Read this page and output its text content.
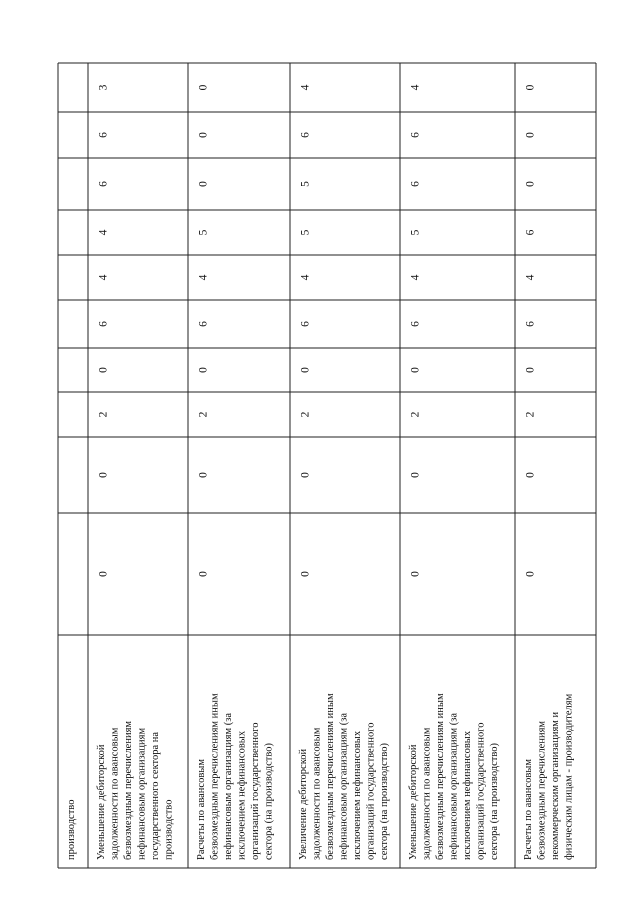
производство Уменьшение дебиторской задолженности по авансовым безвозмездным перечислениям нефинансовым организациям государственного сектора на производство
0
0
2
0
6
4
4
6
6
3
Расчеты по авансовым безвозмездным перечислениям иным нефинансовым организациям (за исключением нефинансовых организаций государственного сектора (на производство)
0
0
2
0
6
4
5
0
0
0
Увеличение дебиторской задолженности по авансовым безвозмездным перечислениям иным нефинансовым организациям (за исключением нефинансовых организаций государственного сектора (на производство)
0
0
2
0
6
4
5
5
6
4
Уменьшение дебиторской задолженности по авансовым безвозмездным перечислениям иным нефинансовым организациям (за исключением нефинансовых организаций государственного сектора (на производство)
0
0
2
0
6
4
5
6
6
4
Расчеты по авансовым безвозмездным перечислениям некоммерческим организациям и физическим лицам - производителям
0
0
2
0
6
4
6
0
0
0
